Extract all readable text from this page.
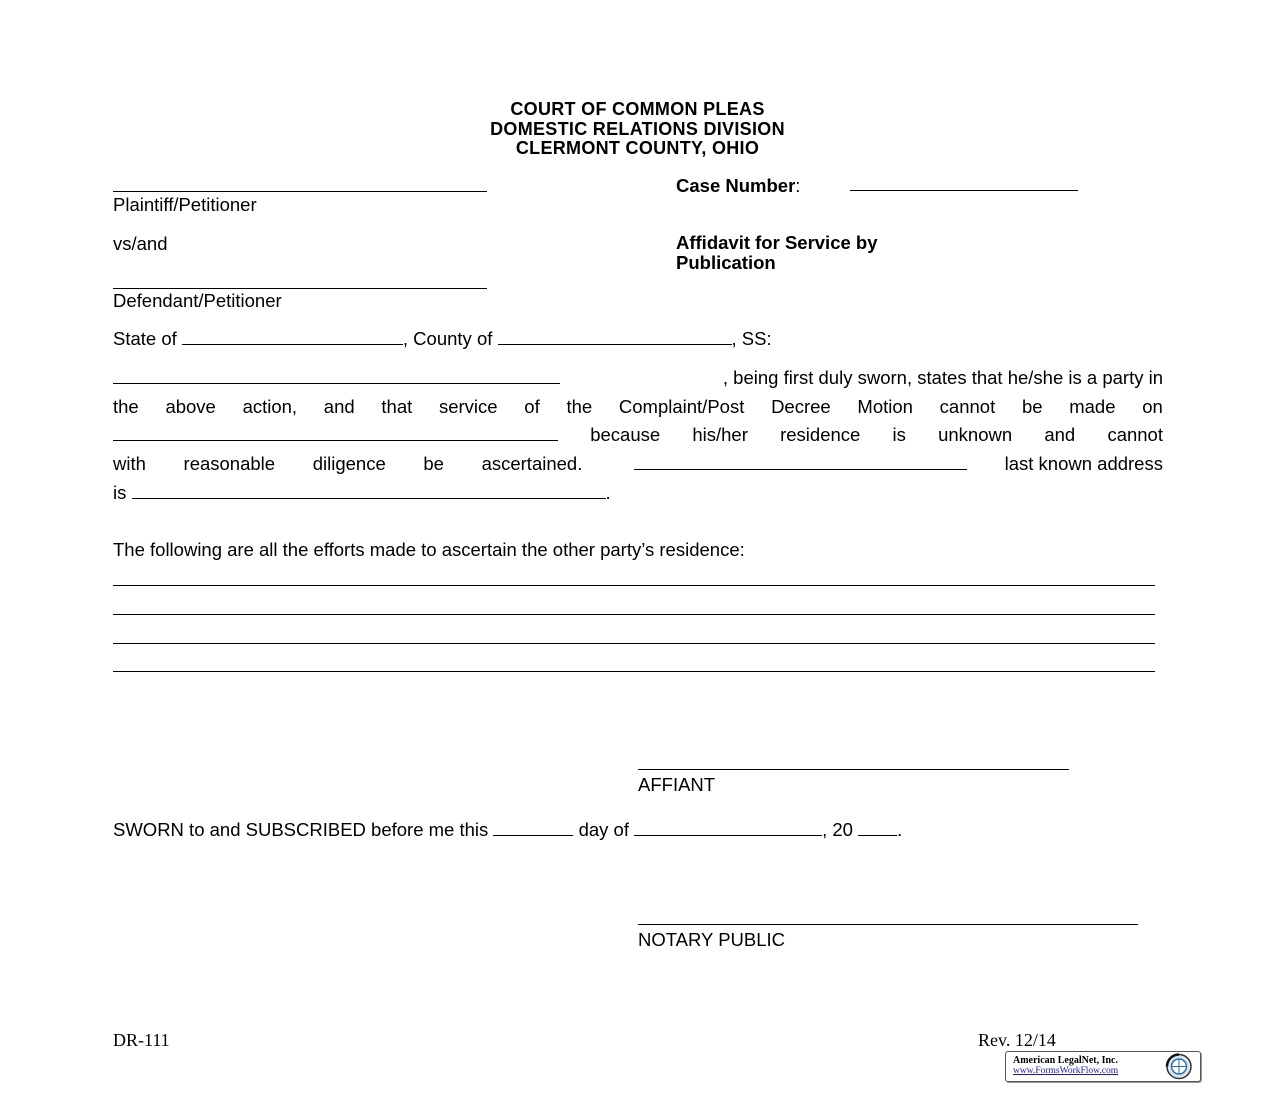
COURT OF COMMON PLEAS
DOMESTIC RELATIONS DIVISION
CLERMONT COUNTY, OHIO
Plaintiff/Petitioner
vs/and
Defendant/Petitioner
Case Number:
Affidavit for Service by
Publication
State of	, County of	, SS:
, being first duly sworn, states that he/she is a party in
the above action, and that service of the Complaint/Post Decree Motion cannot be made on
because his/her residence is unknown and cannot
with reasonable diligence be ascertained.	last known address
is	.
The following are all the efforts made to ascertain the other party’s residence:
AFFIANT
SWORN to and SUBSCRIBED before me this	day of	, 20 .
NOTARY PUBLIC
DR-111	Rev. 12/14
American LegalNet, Inc.
www.FormsWorkFlow.com
